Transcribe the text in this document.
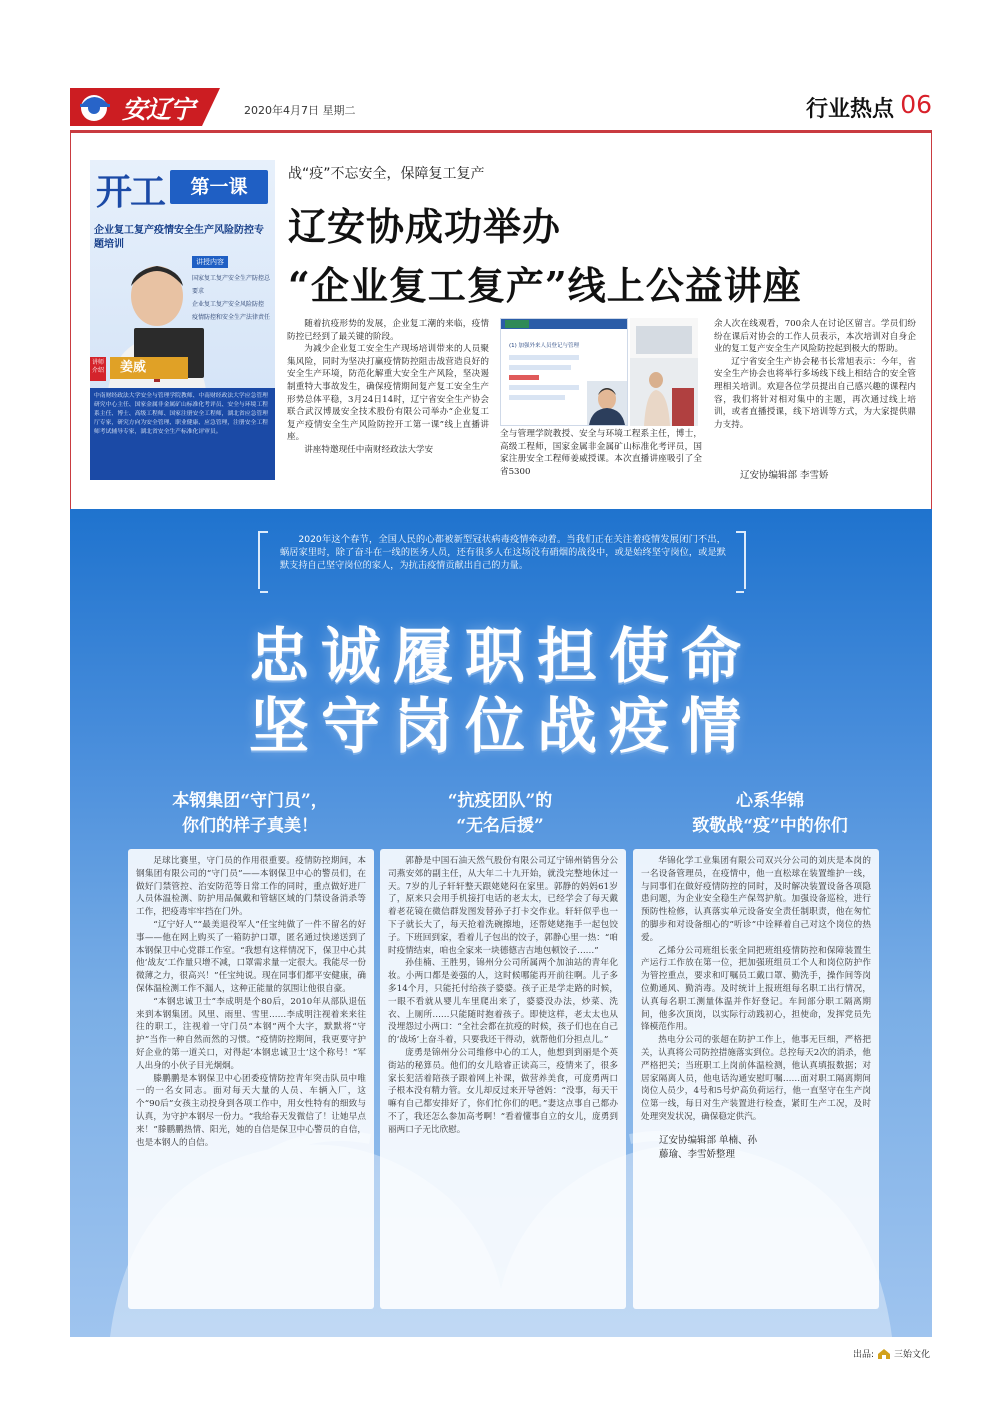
安辽宁	2020年4月7日 星期二	行业热点 06
开工	第一课
企业复工复产疫情安全生产风险防控专题培训
讲授内容
国家复工复产安全生产防控总要求
企业复工复产安全风险防控
疫情防控和安全生产法律责任
讲师介绍	姜威
中南财经政法大学安全与管理学院教师、中南财经政法大学应急管理研究中心主任、国家金属非金属矿山标准化考评员、安全与环境工程系主任、博士、高级工程师、国家注册安全工程师，湖北省应急管理厅专家，研究方向为安全管理、职业健康、应急管理，注册安全工程师考试辅导专家，湖北省安全生产标准化评审员。
战“疫”不忘安全，保障复工复产
辽安协成功举办
“企业复工复产”线上公益讲座

随着抗疫形势的发展，企业复工潮的来临，疫情防控已经到了最关键的阶段。

为减少企业复工安全生产现场培训带来的人员聚集风险，同时为坚决打赢疫情防控阻击战营造良好的安全生产环境，防范化解重大安全生产风险，坚决遏制重特大事故发生，确保疫情期间复产复工安全生产形势总体平稳，3月24日14时，辽宁省安全生产协会联合武汉博晟安全技术股份有限公司举办“企业复工复产疫情安全生产风险防控开工第一课”线上直播讲座。

讲座特邀现任中南财经政法大学安

(1) 加强外来人员登记与管理

全与管理学院教授、安全与环境工程系主任，博士，高级工程师，国家金属非金属矿山标准化考评员，国家注册安全工程师姜威授课。本次直播讲座吸引了全省5300

余人次在线观看，700余人在讨论区留言。学员们纷纷在课后对协会的工作人员表示，本次培训对自身企业的复工复产安全生产风险防控起到极大的帮助。

辽宁省安全生产协会秘书长常旭表示：今年，省安全生产协会也将举行多场线下线上相结合的安全管理相关培训。欢迎各位学员提出自己感兴趣的课程内容，我们将针对相对集中的主题，再次通过线上培训，或者直播授课，线下培训等方式，为大家提供鼎力支持。

辽安协编辑部 李雪娇

2020年这个春节，全国人民的心都被新型冠状病毒疫情牵动着。当我们正在关注着疫情发展闭门不出，蜗居家里时，除了奋斗在一线的医务人员，还有很多人在这场没有硝烟的战役中，或是始终坚守岗位，或是默默支持自己坚守岗位的家人，为抗击疫情贡献出自己的力量。

忠诚履职担使命
坚守岗位战疫情
本钢集团“守门员”，
你们的样子真美！
“抗疫团队”的
“无名后援”
心系华锦
致敬战“疫”中的你们

足球比赛里，守门员的作用很重要。疫情防控期间，本钢集团有限公司的“守门员”——本钢保卫中心的警员们，在做好门禁管控、治安防范等日常工作的同时，重点做好进厂人员体温检测、防护用品佩戴和管辖区域的门禁设备消杀等工作，把疫毒牢牢挡在门外。

“辽宁好人”“最美退役军人”任宝纯做了一件不留名的好事——他在网上购买了一箱防护口罩，匿名通过快递送到了本钢保卫中心党群工作室。“我想有这样情况下，保卫中心其他‘战友’工作量只增不减，口罩需求量一定很大。我能尽一份微薄之力，很高兴！”任宝纯说。现在同事们都平安健康，确保体温检测工作不漏人，这种正能量的氛围让他很自豪。

“本钢忠诚卫士”李成明是个80后，2010年从部队退伍来到本钢集团。风里、雨里、雪里……李成明注视着来来往往的职工，注视着一守门员“本钢”两个大字，默默将“守护”当作一种自然而然的习惯。“疫情防控期间，我更要守护好企业的第一道关口，对得起‘本钢忠诚卫士’这个称号！”军人出身的小伙子目光炯炯。

滕鹏鹏是本钢保卫中心团委疫情防控青年突击队员中唯一的一名女同志。面对每天大量的人员、车辆入厂，这个“90后”女孩主动投身到各项工作中，用女性特有的细致与认真，为守护本钢尽一份力。“我给春天发微信了！让她早点来！”滕鹏鹏热情、阳光，她的自信是保卫中心警员的自信，也是本钢人的自信。

郭静是中国石油天然气股份有限公司辽宁锦州销售分公司燕安郊的副主任，从大年二十九开始，就没完整地休过一天。7岁的儿子轩轩整天跟姥姥闷在家里。郭静的妈妈61岁了，原来只会用手机接打电话的老太太，已经学会了每天戴着老花镜在微信群发图发替孙子打卡交作业。轩轩似乎也一下子就长大了，每天抢着洗碗擦地，还帮姥姥拖手一起包饺子。下班回到家，看着儿子包出的饺子，郭静心里一热：“咱时疫情结束，咱也全家来一块德德吉吉地包顿饺子……”

孙佳楠、王胜男，锦州分公司所属两个加油站的青年化妆。小两口都是姜强的人，这时候哪能再开前往啊。儿子多多14个月，只能托付给孩子婆婆。孩子正是学走路的时候，一眼不看就从婴儿车里爬出来了，婆婆没办法，炒菜、洗衣、上厕所……只能随时抱着孩子。即使这样，老太太也从没埋怨过小两口：“全社会都在抗疫的时候，孩子们也在自己的‘战场’上奋斗着，只要我还干得动，就帮他们分担点儿。”

庞勇是锦州分公司维修中心的工人，他想到到丽是个英街站的秘算员。他们的女儿晗睿正读高三，疫情来了，很多家长犯活着陪孩子跟着网上补课，做营养美食，可庞勇两口子根本没有精力管。女儿却反过来开导爸妈：“没事，每天干嘛有自己都安排好了，你们忙你们的吧。”妻这点事自己都办不了，我还怎么参加高考啊！”看着懂事自立的女儿，庞勇到丽两口子无比欣慰。

华锦化学工业集团有限公司双兴分公司的刘庆是本岗的一名设备管理员，在疫情中，他一直松球在装置维护一线，与同事们在做好疫情防控的同时，及时解决装置设备各项隐患问题，为企业安全稳生产保驾护航。加强设备巡检，进行预防性检修，认真落实单元设备安全责任制职责，他在匆忙的脚步和对设备细心的“听诊”中诠释着自己对这个岗位的热爱。

乙烯分公司班组长张全同把班组疫情防控和保障装置生产运行工作放在第一位，把加强班组员工个人和岗位防护作为管控重点，要求和叮嘱员工戴口罩、勤洗手，操作间等岗位勤通风、勤消毒。及时统计上报班组每名职工出行情况，认真每名职工测量体温并作好登记。车间部分职工隔离期间，他多次顶岗，以实际行动践初心，担使命，发挥党员先锋模范作用。

热电分公司的张超在防护工作上，他事无巨细，严格把关，认真将公司防控措施落实到位。总控每天2次的消杀，他严格把关；当班职工上岗前体温检测，他认真填报数据；对居家隔离人员，他电话沟通安慰叮嘱……面对职工隔离期间岗位人员少，4号和5号炉高负荷运行，他一直坚守在生产岗位第一线，每日对生产装置进行检查，紧盯生产工况，及时处理突发状况，确保稳定供汽。

辽安协编辑部 单楠、孙
藤瑜、李雪娇整理
出品: 三始文化
